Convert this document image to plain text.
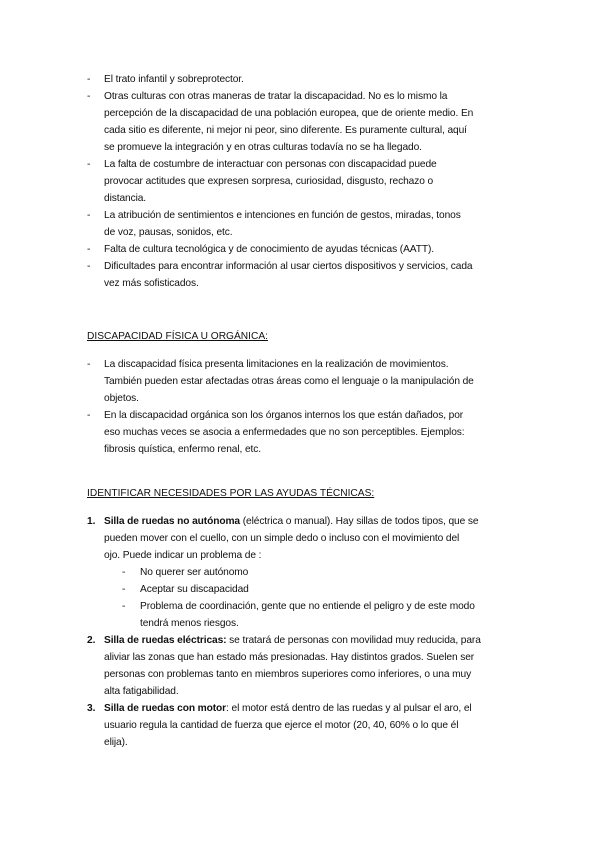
- El trato infantil y sobreprotector.
- Otras culturas con otras maneras de tratar la discapacidad. No es lo mismo la
percepción de la discapacidad de una población europea, que de oriente medio. En
cada sitio es diferente, ni mejor ni peor, sino diferente. Es puramente cultural, aquí
se promueve la integración y en otras culturas todavía no se ha llegado.
- La falta de costumbre de interactuar con personas con discapacidad puede
provocar actitudes que expresen sorpresa, curiosidad, disgusto, rechazo o
distancia.
- La atribución de sentimientos e intenciones en función de gestos, miradas, tonos
de voz, pausas, sonidos, etc.
- Falta de cultura tecnológica y de conocimiento de ayudas técnicas (AATT).
- Dificultades para encontrar información al usar ciertos dispositivos y servicios, cada
vez más sofisticados.
DISCAPACIDAD FÍSICA U ORGÁNICA:
- La discapacidad física presenta limitaciones en la realización de movimientos.
También pueden estar afectadas otras áreas como el lenguaje o la manipulación de
objetos.
- En la discapacidad orgánica son los órganos internos los que están dañados, por
eso muchas veces se asocia a enfermedades que no son perceptibles. Ejemplos:
fibrosis quística, enfermo renal, etc.
IDENTIFICAR NECESIDADES POR LAS AYUDAS TÉCNICAS:
1. Silla de ruedas no autónoma (eléctrica o manual). Hay sillas de todos tipos, que se
pueden mover con el cuello, con un simple dedo o incluso con el movimiento del
ojo. Puede indicar un problema de :
- No querer ser autónomo
- Aceptar su discapacidad
- Problema de coordinación, gente que no entiende el peligro y de este modo
tendrá menos riesgos.
2. Silla de ruedas eléctricas: se tratará de personas con movilidad muy reducida, para
aliviar las zonas que han estado más presionadas. Hay distintos grados. Suelen ser
personas con problemas tanto en miembros superiores como inferiores, o una muy
alta fatigabilidad.
3. Silla de ruedas con motor: el motor está dentro de las ruedas y al pulsar el aro, el
usuario regula la cantidad de fuerza que ejerce el motor (20, 40, 60% o lo que él
elija).
